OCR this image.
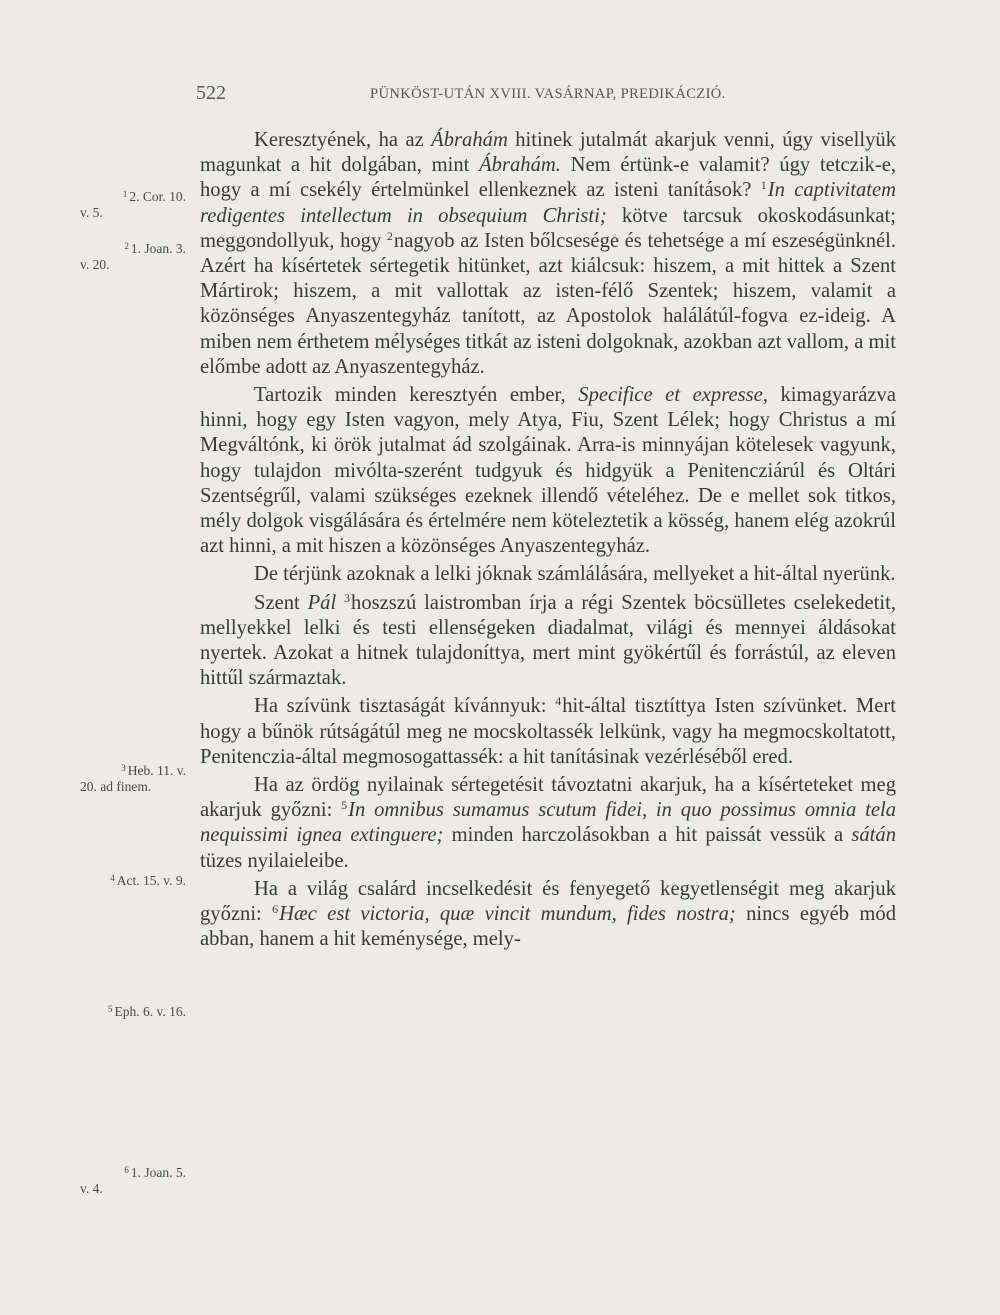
522	PÜNKÖST-UTÁN XVIII. VASÁRNAP, PREDIKÁCZIÓ.
$^1$ 2. Cor. 10.
v. 5.
$^2$ 1. Joan. 3.
v. 20.
$^3$ Heb. 11. v.
20. ad finem.
$^4$ Act. 15. v. 9.
$^5$ Eph. 6. v. 16.
$^6$ 1. Joan. 5.
v. 4.

Keresztyének, ha az Ábrahám hitinek jutalmát akarjuk venni, úgy visellyük magunkat a hit dolgában, mint Ábrahám. Nem értünk-e valamit? úgy tetczik-e, hogy a mí csekély értelmünkel ellenkeznek az isteni tanítások? $^1$In captivitatem redigentes intellectum in obsequium Christi; kötve tarcsuk okoskodásunkat; meggondollyuk, hogy $^2$nagyob az Isten bőlcsesége és tehetsége a mí eszeségünknél. Azért ha kísértetek sértegetik hitünket, azt kiálcsuk: hiszem, a mit hittek a Szent Mártirok; hiszem, a mit vallottak az isten-félő Szentek; hiszem, valamit a közönséges Anyaszentegyház tanított, az Apostolok halálátúl-fogva ez-ideig. A miben nem érthetem mélységes titkát az isteni dolgoknak, azokban azt vallom, a mit előmbe adott az Anyaszentegyház.

Tartozik minden keresztyén ember, Specifice et expresse, kimagyarázva hinni, hogy egy Isten vagyon, mely Atya, Fiu, Szent Lélek; hogy Christus a mí Megváltónk, ki örök jutalmat ád szolgáinak. Arra-is minnyájan kötelesek vagyunk, hogy tulajdon mivólta-szerént tudgyuk és hidgyük a Penitencziárúl és Oltári Szentségrűl, valami szükséges ezeknek illendő vételéhez. De e mellet sok titkos, mély dolgok visgálására és értelmére nem köteleztetik a kösség, hanem elég azokrúl azt hinni, a mit hiszen a közönséges Anyaszentegyház.

De térjünk azoknak a lelki jóknak számlálására, mellyeket a hit-által nyerünk.

Szent Pál $^3$hoszszú laistromban írja a régi Szentek böcsülletes cselekedetit, mellyekkel lelki és testi ellenségeken diadalmat, világi és mennyei áldásokat nyertek. Azokat a hitnek tulajdoníttya, mert mint gyökértűl és forrástúl, az eleven hittűl származtak.

Ha szívünk tisztaságát kívánnyuk: $^4$hit-által tisztíttya Isten szívünket. Mert hogy a bűnök rútságátúl meg ne mocskoltassék lelkünk, vagy ha megmocskoltatott, Penitenczia-által megmosogattassék: a hit tanításinak vezérléséből ered.

Ha az ördög nyilainak sértegetésit távoztatni akarjuk, ha a kísérteteket meg akarjuk győzni: $^5$In omnibus sumamus scutum fidei, in quo possimus omnia tela nequissimi ignea extinguere; minden harczolásokban a hit paissát vessük a sátán tüzes nyilaieleibe.

Ha a világ csalárd incselkedésit és fenyegető kegyetlenségit meg akarjuk győzni: $^6$Hæc est victoria, quæ vincit mundum, fides nostra; nincs egyéb mód abban, hanem a hit keménysége, mely-
